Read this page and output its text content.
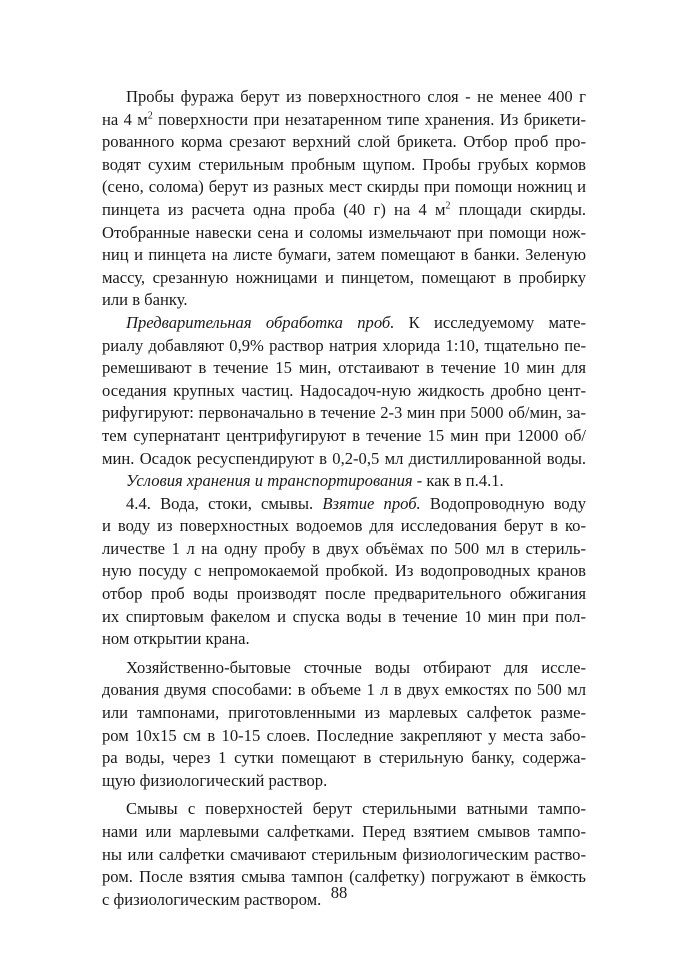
Пробы фуража берут из поверхностного слоя - не менее 400 г
на 4 $м^2$ поверхности при незатаренном типе хранения. Из брикети-
рованного корма срезают верхний слой брикета. Отбор проб про-
водят сухим стерильным пробным щупом. Пробы грубых кормов
(сено, солома) берут из разных мест скирды при помощи ножниц и
пинцета из расчета одна проба (40 г) на 4 $м^2$ площади скирды.
Отобранные навески сена и соломы измельчают при помощи нож-
ниц и пинцета на листе бумаги, затем помещают в банки. Зеленую
массу, срезанную ножницами и пинцетом, помещают в пробирку
или в банку.
Предварительная обработка проб. К исследуемому мате-
риалу добавляют 0,9% раствор натрия хлорида 1:10, тщательно пе-
ремешивают в течение 15 мин, отстаивают в течение 10 мин для
оседания крупных частиц. Надосадоч-ную жидкость дробно цент-
рифугируют: первоначально в течение 2-3 мин при 5000 об/мин, за-
тем супернатант центрифугируют в течение 15 мин при 12000 об/
мин. Осадок ресуспендируют в 0,2-0,5 мл дистиллированной воды.
Условия хранения и транспортирования - как в п.4.1.
4.4. Вода, стоки, смывы. Взятие проб. Водопроводную воду
и воду из поверхностных водоемов для исследования берут в ко-
личестве 1 л на одну пробу в двух объёмах по 500 мл в стериль-
ную посуду с непромокаемой пробкой. Из водопроводных кранов
отбор проб воды производят после предварительного обжигания
их спиртовым факелом и спуска воды в течение 10 мин при пол-
ном открытии крана.
Хозяйственно-бытовые сточные воды отбирают для иссле-
дования двумя способами: в объеме 1 л в двух емкостях по 500 мл
или тампонами, приготовленными из марлевых салфеток разме-
ром 10х15 см в 10-15 слоев. Последние закрепляют у места забо-
ра воды, через 1 сутки помещают в стерильную банку, содержа-
щую физиологический раствор.
Смывы с поверхностей берут стерильными ватными тампо-
нами или марлевыми салфетками. Перед взятием смывов тампо-
ны или салфетки смачивают стерильным физиологическим раство-
ром. После взятия смыва тампон (салфетку) погружают в ёмкость
с физиологическим раствором. 88
